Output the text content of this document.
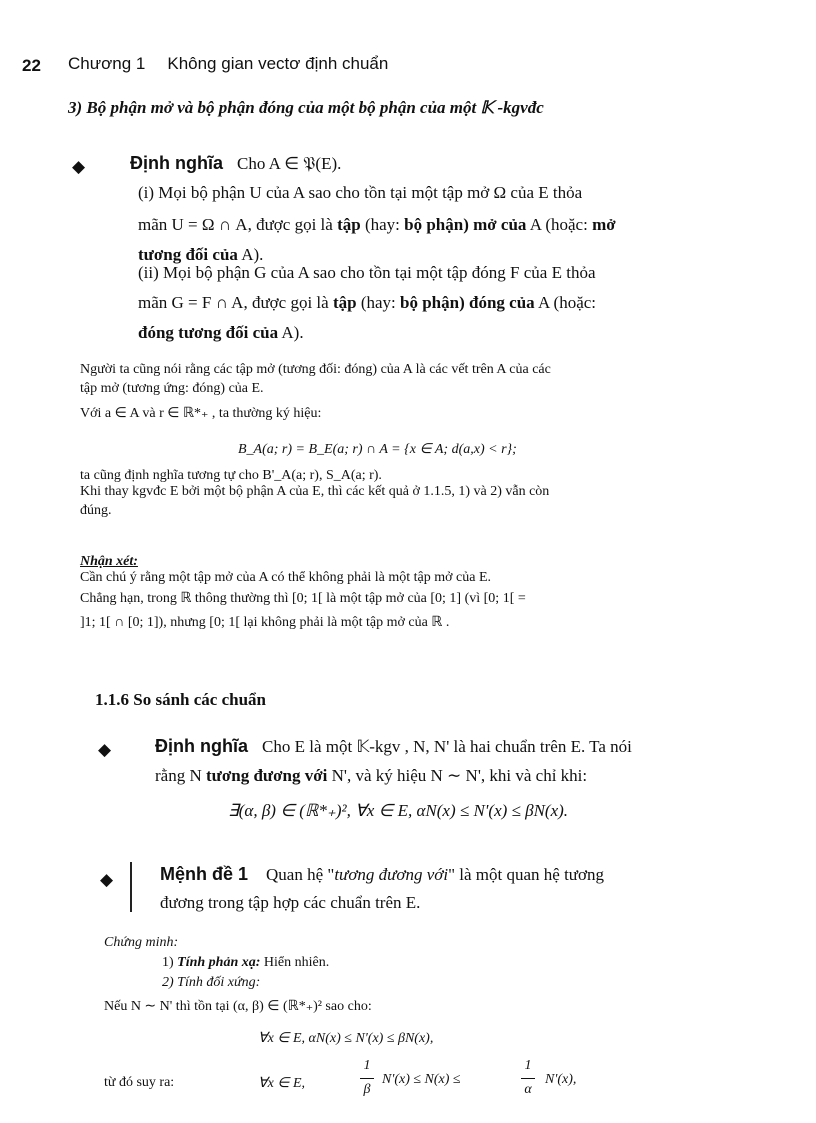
22 Chương 1 Không gian vectơ định chuẩn
3) Bộ phận mở và bộ phận đóng của một bộ phận của một 𝕂 -kgvđc
◆ Định nghĩa Cho A ∈ 𝔓(E).
(i) Mọi bộ phận U của A sao cho tồn tại một tập mở Ω của E thỏa
mãn U = Ω ∩ A, được gọi là tập (hay: bộ phận) mở của A (hoặc: mở
tương đối của A).
(ii) Mọi bộ phận G của A sao cho tồn tại một tập đóng F của E thỏa
mãn G = F ∩ A, được gọi là tập (hay: bộ phận) đóng của A (hoặc:
đóng tương đối của A).
Người ta cũng nói rằng các tập mở (tương đối: đóng) của A là các vết trên A của các
tập mở (tương ứng: đóng) của E.
Với a ∈ A và r ∈ ℝ*₊ , ta thường ký hiệu:
B_A(a; r) = B_E(a; r) ∩ A = {x ∈ A; d(a,x) < r};
ta cũng định nghĩa tương tự cho B'_A(a; r), S_A(a; r).
Khi thay kgvđc E bởi một bộ phận A của E, thì các kết quả ở 1.1.5, 1) và 2) vẫn còn
đúng.
Nhận xét:
Cần chú ý rằng một tập mở của A có thể không phải là một tập mở của E.
Chẳng hạn, trong ℝ thông thường thì [0; 1[ là một tập mở của [0; 1] (vì [0; 1[ =
]1; 1[ ∩ [0; 1]), nhưng [0; 1[ lại không phải là một tập mở của ℝ .
1.1.6 So sánh các chuẩn
◆ Định nghĩa Cho E là một 𝕂-kgv , N, N' là hai chuẩn trên E. Ta nói
rằng N tương đương với N', và ký hiệu N ∼ N', khi và chỉ khi:
∃(α, β) ∈ (ℝ*₊)², ∀x ∈ E, αN(x) ≤ N'(x) ≤ βN(x).
◆	Mệnh đề 1 Quan hệ "tương đương với" là một quan hệ tương
đương trong tập hợp các chuẩn trên E.
Chứng minh:
1) Tính phản xạ: Hiển nhiên.
2) Tính đối xứng:
Nếu N ∼ N' thì tồn tại (α, β) ∈ (ℝ*₊)² sao cho:
∀x ∈ E, αN(x) ≤ N'(x) ≤ βN(x),
từ đó suy ra:	∀x ∈ E,
1
β
N'(x) ≤ N(x) ≤
1
α
N'(x),
